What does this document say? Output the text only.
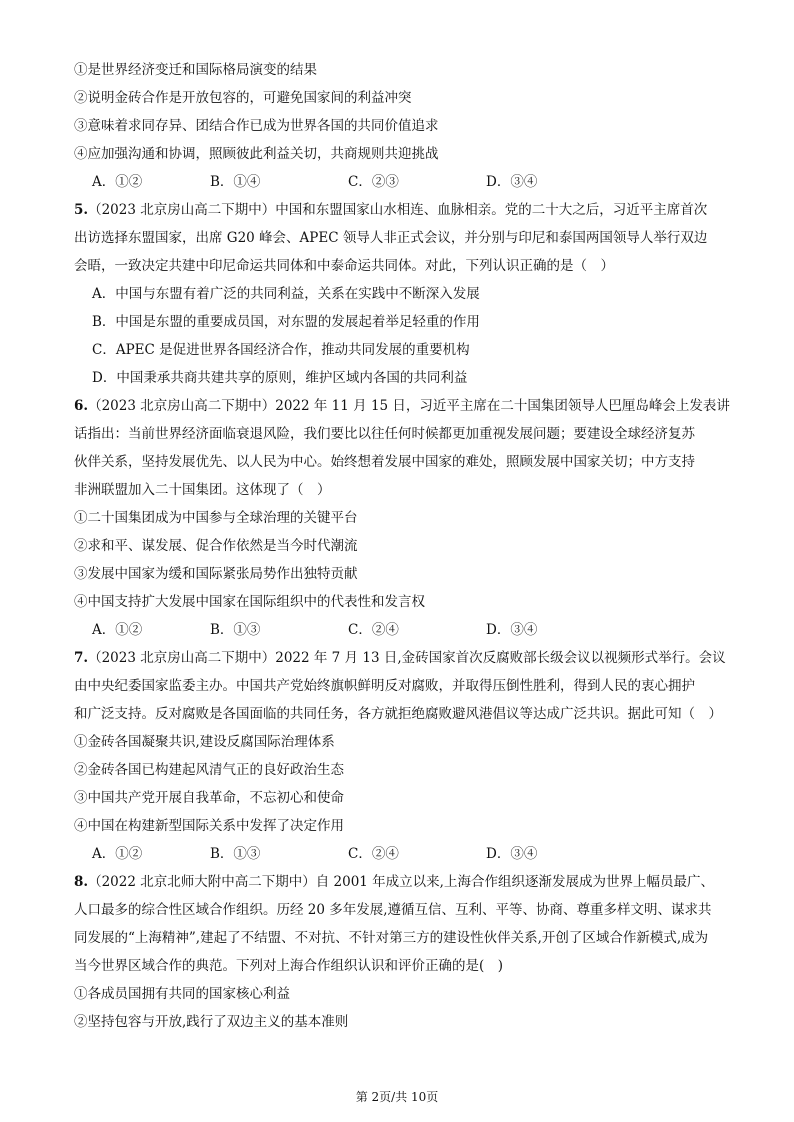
①是世界经济变迁和国际格局演变的结果
②说明金砖合作是开放包容的，可避免国家间的利益冲突
③意味着求同存异、团结合作已成为世界各国的共同价值追求
④应加强沟通和协调，照顾彼此利益关切，共商规则共迎挑战
A．①②	B．①④	C．②③	D．③④
5.（2023 北京房山高二下期中）中国和东盟国家山水相连、血脉相亲。党的二十大之后，习近平主席首次
出访选择东盟国家，出席 G20 峰会、APEC 领导人非正式会议，并分别与印尼和泰国两国领导人举行双边
会晤，一致决定共建中印尼命运共同体和中泰命运共同体。对此，下列认识正确的是（　）
A．中国与东盟有着广泛的共同利益，关系在实践中不断深入发展
B．中国是东盟的重要成员国，对东盟的发展起着举足轻重的作用
C．APEC 是促进世界各国经济合作，推动共同发展的重要机构
D．中国秉承共商共建共享的原则，维护区域内各国的共同利益
6.（2023 北京房山高二下期中）2022 年 11 月 15 日，习近平主席在二十国集团领导人巴厘岛峰会上发表讲
话指出：当前世界经济面临衰退风险，我们要比以往任何时候都更加重视发展问题；要建设全球经济复苏
伙伴关系，坚持发展优先、以人民为中心。始终想着发展中国家的难处，照顾发展中国家关切；中方支持
非洲联盟加入二十国集团。这体现了（　）
①二十国集团成为中国参与全球治理的关键平台
②求和平、谋发展、促合作依然是当今时代潮流
③发展中国家为缓和国际紧张局势作出独特贡献
④中国支持扩大发展中国家在国际组织中的代表性和发言权
A．①②	B．①③	C．②④	D．③④
7.（2023 北京房山高二下期中）2022 年 7 月 13 日,金砖国家首次反腐败部长级会议以视频形式举行。会议
由中央纪委国家监委主办。中国共产党始终旗帜鲜明反对腐败，并取得压倒性胜利，得到人民的衷心拥护
和广泛支持。反对腐败是各国面临的共同任务，各方就拒绝腐败避风港倡议等达成广泛共识。据此可知（　）
①金砖各国凝聚共识,建设反腐国际治理体系
②金砖各国已构建起风清气正的良好政治生态
③中国共产党开展自我革命，不忘初心和使命
④中国在构建新型国际关系中发挥了决定作用
A．①②	B．①③	C．②④	D．③④
8.（2022 北京北师大附中高二下期中）自 2001 年成立以来,上海合作组织逐渐发展成为世界上幅员最广、
人口最多的综合性区域合作组织。历经 20 多年发展,遵循互信、互利、平等、协商、尊重多样文明、谋求共
同发展的“上海精神”,建起了不结盟、不对抗、不针对第三方的建设性伙伴关系,开创了区域合作新模式,成为
当今世界区域合作的典范。下列对上海合作组织认识和评价正确的是(　)
①各成员国拥有共同的国家核心利益
②坚持包容与开放,践行了双边主义的基本准则
第 2页/共 10页
